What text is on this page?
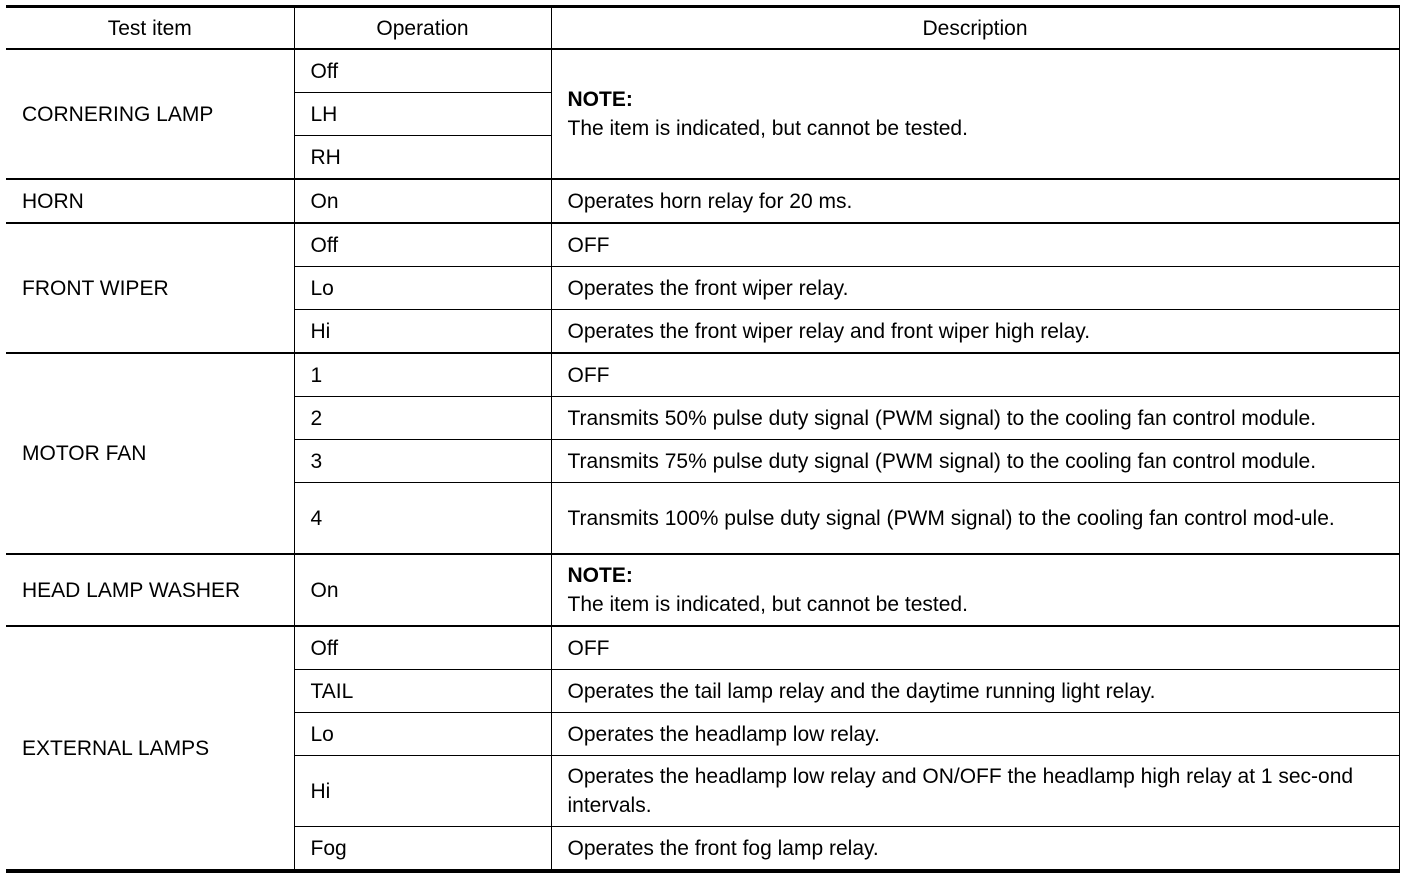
Test item	Operation	Description
CORNERING LAMP	Off	NOTE:
The item is indicated, but cannot be tested.
	LH	
	RH	
HORN	On	Operates horn relay for 20 ms.
FRONT WIPER	Off	OFF
	Lo	Operates the front wiper relay.
	Hi	Operates the front wiper relay and front wiper high relay.
MOTOR FAN	1	OFF
	2	Transmits 50% pulse duty signal (PWM signal) to the cooling fan control module.
	3	Transmits 75% pulse duty signal (PWM signal) to the cooling fan control module.
	4	Transmits 100% pulse duty signal (PWM signal) to the cooling fan control mod-ule.
HEAD LAMP WASHER	On	NOTE:
The item is indicated, but cannot be tested.
EXTERNAL LAMPS	Off	OFF
	TAIL	Operates the tail lamp relay and the daytime running light relay.
	Lo	Operates the headlamp low relay.
	Hi	Operates the headlamp low relay and ON/OFF the headlamp high relay at 1 sec-ond intervals.
	Fog	Operates the front fog lamp relay.
